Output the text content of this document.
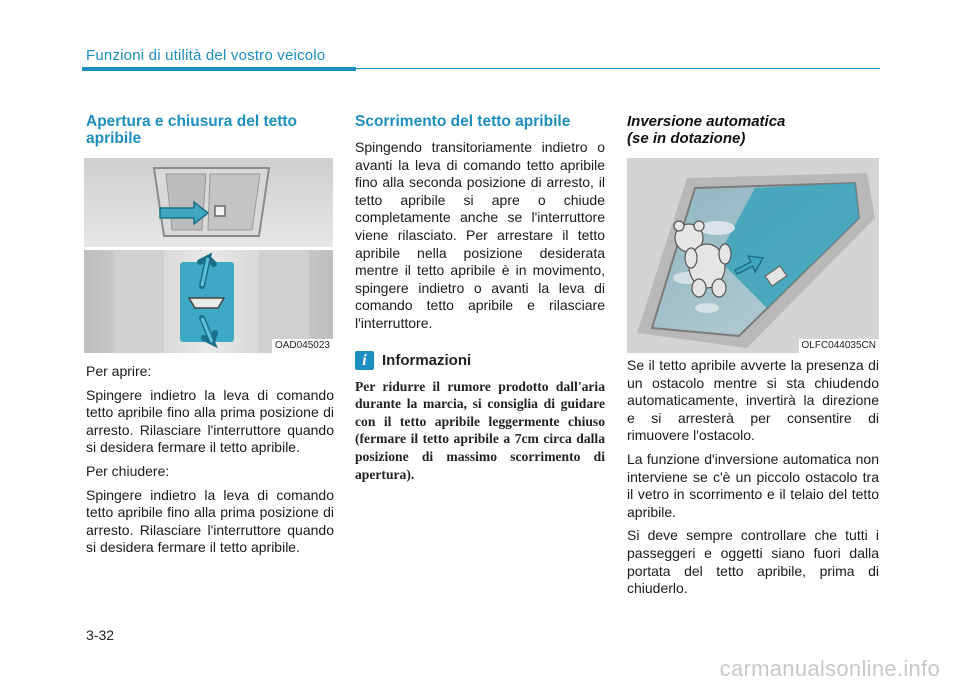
Funzioni di utilità del vostro veicolo
Apertura e chiusura del tetto apribile
OAD045023

Per aprire:

Spingere indietro la leva di comando tetto apribile fino alla prima posizione di arresto. Rilasciare l'interruttore quando si desidera fermare il tetto apribile.

Per chiudere:

Spingere indietro la leva di comando tetto apribile fino alla prima posizione di arresto. Rilasciare l'interruttore quando si desidera fermare il tetto apribile.

Scorrimento del tetto apribile

Spingendo transitoriamente indietro o avanti la leva di comando tetto apribile fino alla seconda posizione di arresto, il tetto apribile si apre o chiude completamente anche se l'interruttore viene rilasciato. Per arrestare il tetto apribile nella posizione desiderata mentre il tetto apribile è in movimento, spingere indietro o avanti la leva di comando tetto apribile e rilasciare l'interruttore.

i Informazioni

Per ridurre il rumore prodotto dall'aria durante la marcia, si consiglia di guidare con il tetto apribile leggermente chiuso (fermare il tetto apribile a 7cm circa dalla posizione di massimo scorrimento di apertura).

Inversione automatica
(se in dotazione)
OLFC044035CN

Se il tetto apribile avverte la presenza di un ostacolo mentre si sta chiudendo automaticamente, invertirà la direzione e si arresterà per consentire di rimuovere l'ostacolo.

La funzione d'inversione automatica non interviene se c'è un piccolo ostacolo tra il vetro in scorrimento e il telaio del tetto apribile.

Si deve sempre controllare che tutti i passeggeri e oggetti siano fuori dalla portata del tetto apribile, prima di chiuderlo.

3-32
carmanualsonline.info
